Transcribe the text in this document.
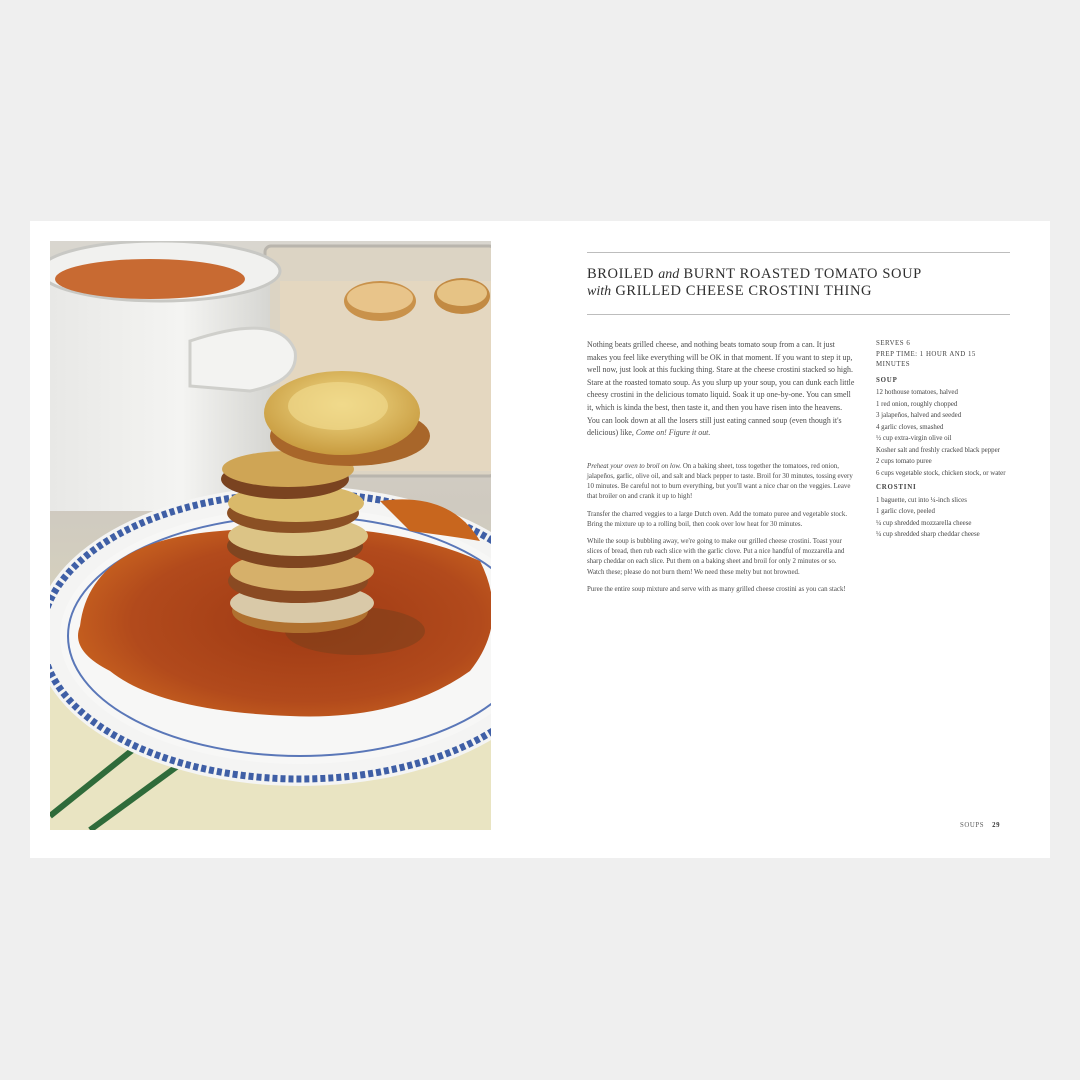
BROILED and BURNT ROASTED TOMATO SOUP
with GRILLED CHEESE CROSTINI THING

Nothing beats grilled cheese, and nothing beats tomato soup from a can. It just makes you feel like everything will be OK in that moment. If you want to step it up, well now, just look at this fucking thing. Stare at the cheese crostini stacked so high. Stare at the roasted tomato soup. As you slurp up your soup, you can dunk each little cheesy crostini in the delicious tomato liquid. Soak it up one-by-one. You can smell it, which is kinda the best, then taste it, and then you have risen into the heavens. You can look down at all the losers still just eating canned soup (even though it's delicious) like, Come on! Figure it out.

Preheat your oven to broil on low. On a baking sheet, toss together the tomatoes, red onion, jalapeños, garlic, olive oil, and salt and black pepper to taste. Broil for 30 minutes, tossing every 10 minutes. Be careful not to burn everything, but you'll want a nice char on the veggies. Leave that broiler on and crank it up to high!

Transfer the charred veggies to a large Dutch oven. Add the tomato puree and vegetable stock. Bring the mixture up to a rolling boil, then cook over low heat for 30 minutes.

While the soup is bubbling away, we're going to make our grilled cheese crostini. Toast your slices of bread, then rub each slice with the garlic clove. Put a nice handful of mozzarella and sharp cheddar on each slice. Put them on a baking sheet and broil for only 2 minutes or so. Watch these; please do not burn them! We need these melty but not browned.

Puree the entire soup mixture and serve with as many grilled cheese crostini as you can stack!

SERVES 6
PREP TIME: 1 HOUR AND 15 MINUTES
SOUP
12 hothouse tomatoes, halved
1 red onion, roughly chopped
3 jalapeños, halved and seeded
4 garlic cloves, smashed
½ cup extra-virgin olive oil
Kosher salt and freshly cracked black pepper
2 cups tomato puree
6 cups vegetable stock, chicken stock, or water
CROSTINI
1 baguette, cut into ¼-inch slices
1 garlic clove, peeled
¼ cup shredded mozzarella cheese
¼ cup shredded sharp cheddar cheese
SOUPS 29
